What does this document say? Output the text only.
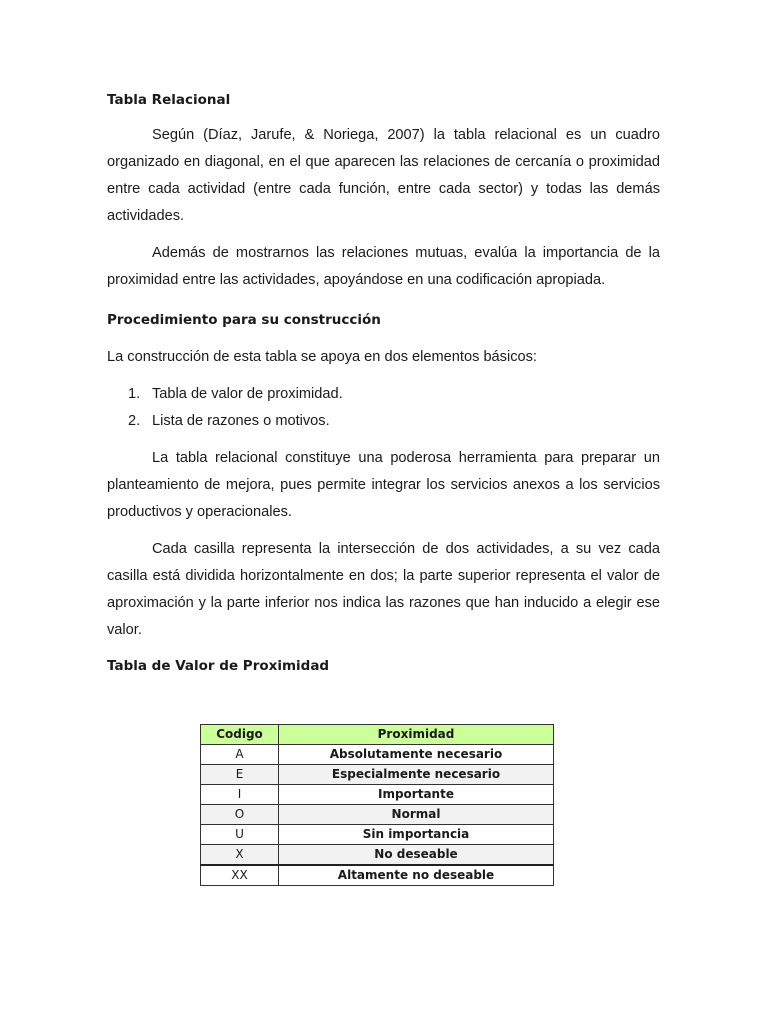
Tabla Relacional

Según (Díaz, Jarufe, & Noriega, 2007) la tabla relacional es un cuadro organizado en diagonal, en el que aparecen las relaciones de cercanía o proximidad entre cada actividad (entre cada función, entre cada sector) y todas las demás actividades.

Además de mostrarnos las relaciones mutuas, evalúa la importancia de la proximidad entre las actividades, apoyándose en una codificación apropiada.

Procedimiento para su construcción

La construcción de esta tabla se apoya en dos elementos básicos:

1. Tabla de valor de proximidad.
2. Lista de razones o motivos.

La tabla relacional constituye una poderosa herramienta para preparar un planteamiento de mejora, pues permite integrar los servicios anexos a los servicios productivos y operacionales.

Cada casilla representa la intersección de dos actividades, a su vez cada casilla está dividida horizontalmente en dos; la parte superior representa el valor de aproximación y la parte inferior nos indica las razones que han inducido a elegir ese valor.

Tabla de Valor de Proximidad
Codigo	Proximidad
A	Absolutamente necesario
E	Especialmente necesario
I	Importante
O	Normal
U	Sin importancia
X	No deseable
XX	Altamente no deseable
